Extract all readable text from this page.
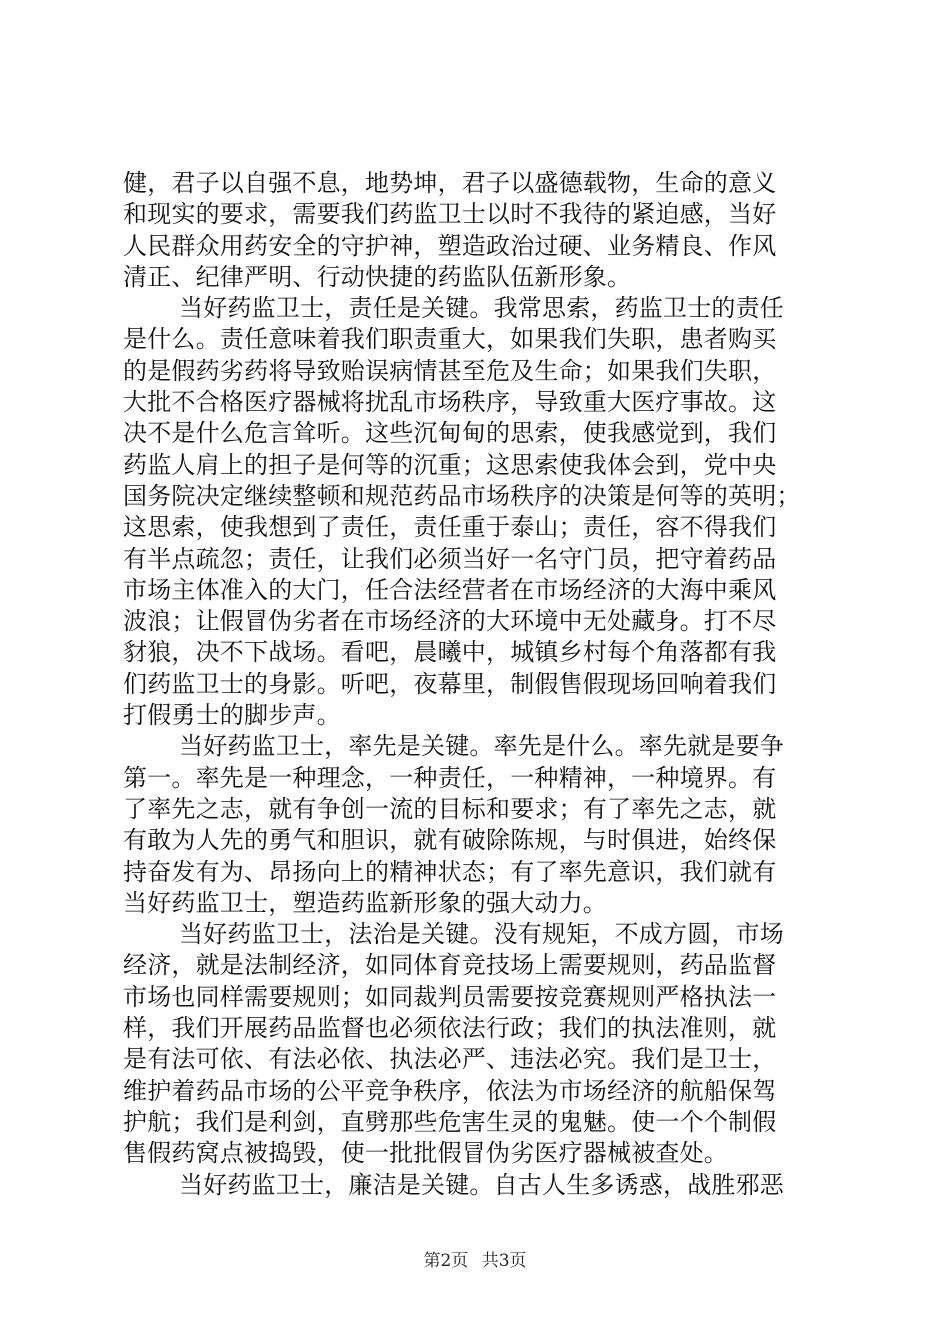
健，君子以自强不息，地势坤，君子以盛德载物，生命的意义
和现实的要求，需要我们药监卫士以时不我待的紧迫感，当好
人民群众用药安全的守护神，塑造政治过硬、业务精良、作风
清正、纪律严明、行动快捷的药监队伍新形象。
当好药监卫士，责任是关键。我常思索，药监卫士的责任
是什么。责任意味着我们职责重大，如果我们失职，患者购买
的是假药劣药将导致贻误病情甚至危及生命；如果我们失职，
大批不合格医疗器械将扰乱市场秩序，导致重大医疗事故。这
决不是什么危言耸听。这些沉甸甸的思索，使我感觉到，我们
药监人肩上的担子是何等的沉重；这思索使我体会到，党中央
国务院决定继续整顿和规范药品市场秩序的决策是何等的英明；
这思索，使我想到了责任，责任重于泰山；责任，容不得我们
有半点疏忽；责任，让我们必须当好一名守门员，把守着药品
市场主体准入的大门，任合法经营者在市场经济的大海中乘风
波浪；让假冒伪劣者在市场经济的大环境中无处藏身。打不尽
豺狼，决不下战场。看吧，晨曦中，城镇乡村每个角落都有我
们药监卫士的身影。听吧，夜幕里，制假售假现场回响着我们
打假勇士的脚步声。
当好药监卫士，率先是关键。率先是什么。率先就是要争
第一。率先是一种理念，一种责任，一种精神，一种境界。有
了率先之志，就有争创一流的目标和要求；有了率先之志，就
有敢为人先的勇气和胆识，就有破除陈规，与时俱进，始终保
持奋发有为、昂扬向上的精神状态；有了率先意识，我们就有
当好药监卫士，塑造药监新形象的强大动力。
当好药监卫士，法治是关键。没有规矩，不成方圆，市场
经济，就是法制经济，如同体育竞技场上需要规则，药品监督
市场也同样需要规则；如同裁判员需要按竞赛规则严格执法一
样，我们开展药品监督也必须依法行政；我们的执法准则，就
是有法可依、有法必依、执法必严、违法必究。我们是卫士，
维护着药品市场的公平竞争秩序，依法为市场经济的航船保驾
护航；我们是利剑，直劈那些危害生灵的鬼魅。使一个个制假
售假药窝点被捣毁，使一批批假冒伪劣医疗器械被查处。
当好药监卫士，廉洁是关键。自古人生多诱惑，战胜邪恶
第2页 共3页
